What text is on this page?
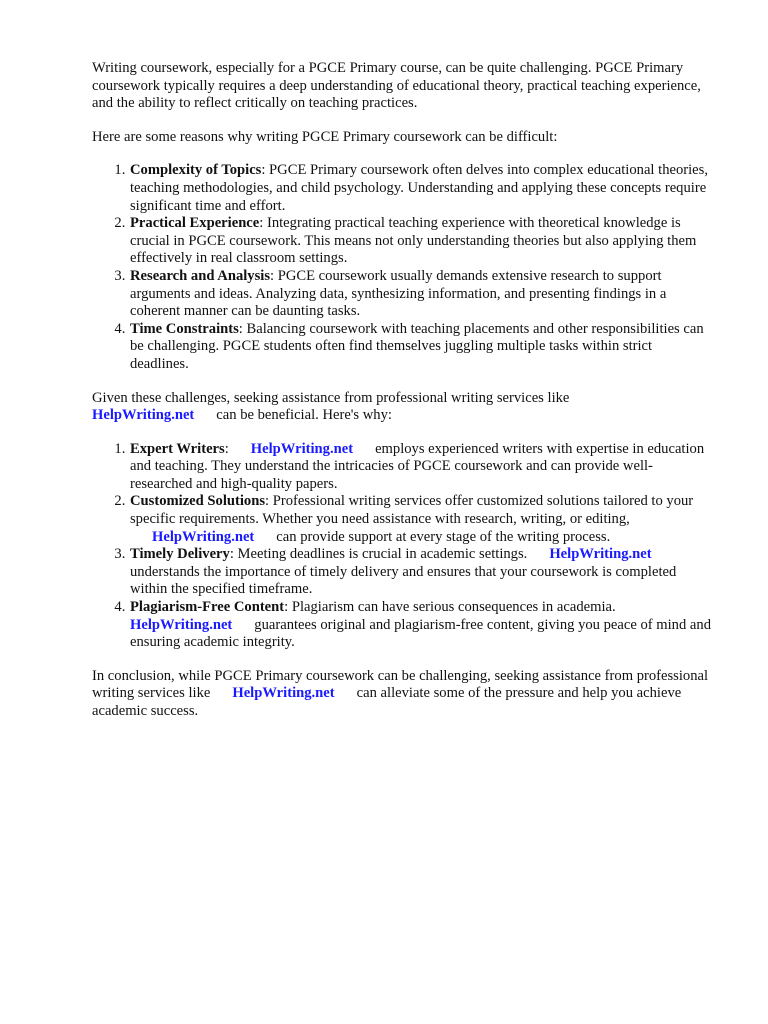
Writing coursework, especially for a PGCE Primary course, can be quite challenging. PGCE Primary coursework typically requires a deep understanding of educational theory, practical teaching experience, and the ability to reflect critically on teaching practices.

Here are some reasons why writing PGCE Primary coursework can be difficult:

1. Complexity of Topics: PGCE Primary coursework often delves into complex educational theories, teaching methodologies, and child psychology. Understanding and applying these concepts require significant time and effort.
2. Practical Experience: Integrating practical teaching experience with theoretical knowledge is crucial in PGCE coursework. This means not only understanding theories but also applying them effectively in real classroom settings.
3. Research and Analysis: PGCE coursework usually demands extensive research to support arguments and ideas. Analyzing data, synthesizing information, and presenting findings in a coherent manner can be daunting tasks.
4. Time Constraints: Balancing coursework with teaching placements and other responsibilities can be challenging. PGCE students often find themselves juggling multiple tasks within strict deadlines.

Given these challenges, seeking assistance from professional writing services like
HelpWriting.net can be beneficial. Here's why:

1. Expert Writers: HelpWriting.net employs experienced writers with expertise in education and teaching. They understand the intricacies of PGCE coursework and can provide well-researched and high-quality papers.
2. Customized Solutions: Professional writing services offer customized solutions tailored to your specific requirements. Whether you need assistance with research, writing, or editing,
HelpWriting.net can provide support at every stage of the writing process.
3. Timely Delivery: Meeting deadlines is crucial in academic settings. HelpWriting.net
understands the importance of timely delivery and ensures that your coursework is completed within the specified timeframe.
4. Plagiarism-Free Content: Plagiarism can have serious consequences in academia.
HelpWriting.net guarantees original and plagiarism-free content, giving you peace of mind and ensuring academic integrity.

In conclusion, while PGCE Primary coursework can be challenging, seeking assistance from professional writing services like HelpWriting.net can alleviate some of the pressure and help you achieve academic success.
